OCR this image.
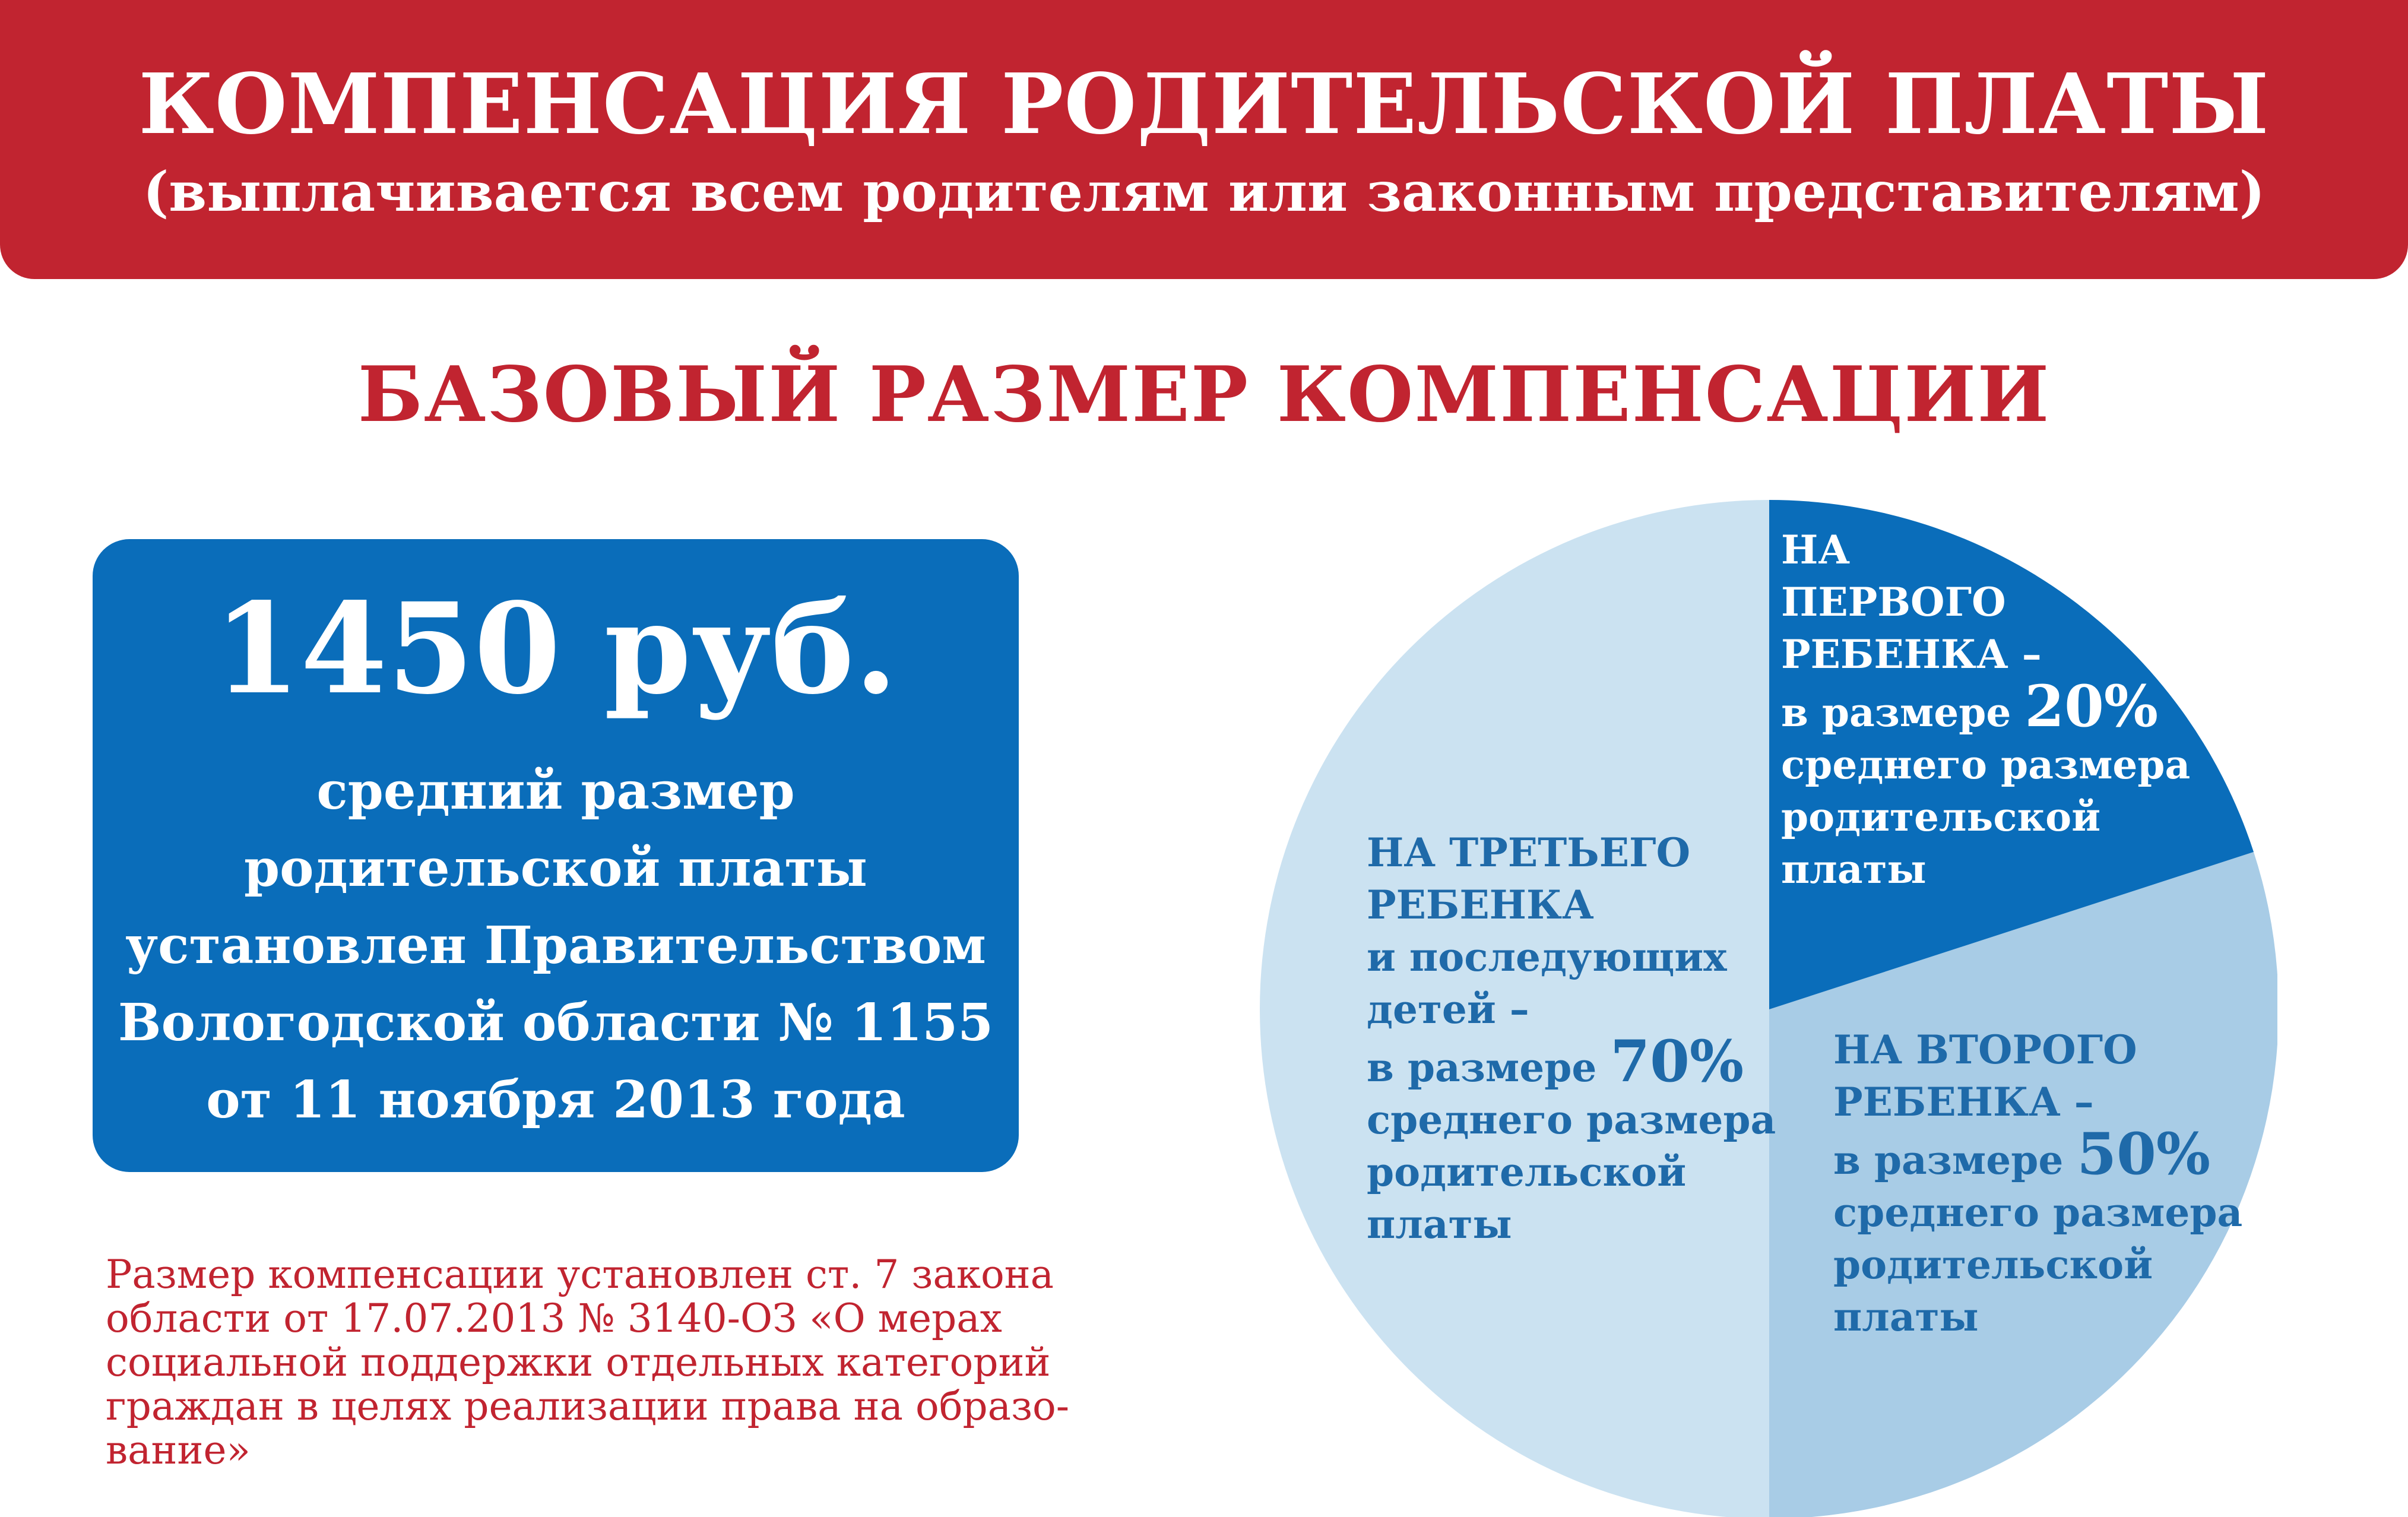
КОМПЕНСАЦИЯ РОДИТЕЛЬСКОЙ ПЛАТЫ
(выплачивается всем родителям или законным представителям)
БАЗОВЫЙ РАЗМЕР КОМПЕНСАЦИИ
1450 руб.
средний размер
родительской платы
установлен Правительством
Вологодской области № 1155
от 11 ноября 2013 года
Размер компенсации установлен ст. 7 закона
области от 17.07.2013 № 3140-ОЗ «О мерах
социальной поддержки отдельных категорий
граждан в целях реализации права на образо-
вание»
НА
ПЕРВОГО
РЕБЕНКА –
в размере 20%
среднего размера
родительской
платы
НА ВТОРОГО
РЕБЕНКА –
в размере 50%
среднего размера
родительской
платы
НА ТРЕТЬЕГО
РЕБЕНКА
и последующих
детей –
в размере 70%
среднего размера
родительской
платы
